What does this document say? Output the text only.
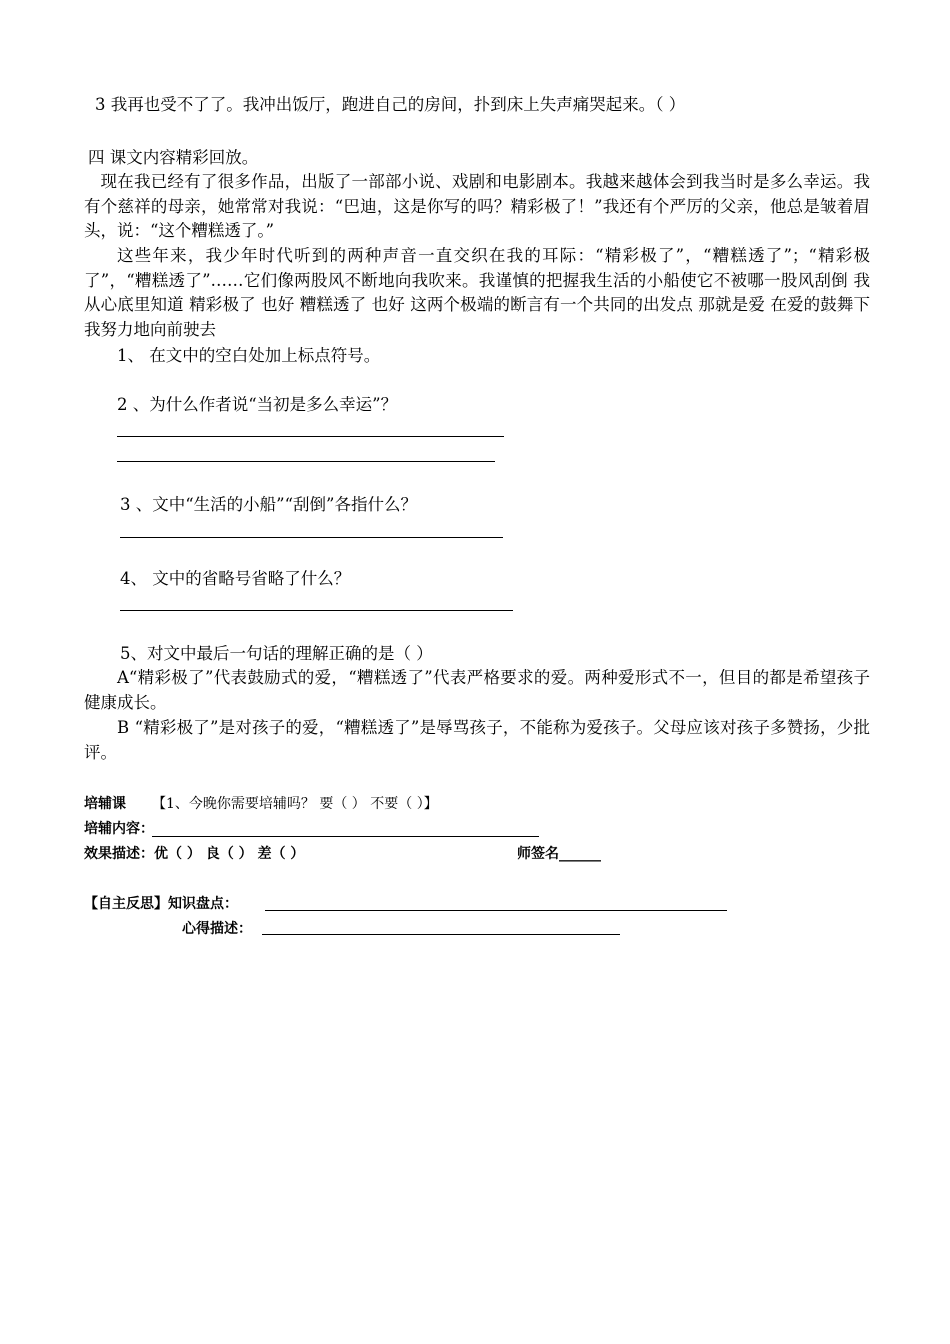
3 我再也受不了了。我冲出饭厅，跑进自己的房间，扑到床上失声痛哭起来。（ ）
四 课文内容精彩回放。
现在我已经有了很多作品，出版了一部部小说、戏剧和电影剧本。我越来越体会到我当时是多么幸运。我有个慈祥的母亲，她常常对我说：“巴迪，这是你写的吗？精彩极了！”我还有个严厉的父亲，他总是皱着眉头，说：“这个糟糕透了。”
这些年来，我少年时代听到的两种声音一直交织在我的耳际：“精彩极了”，“糟糕透了”；“精彩极了”，“糟糕透了”……它们像两股风不断地向我吹来。我谨慎的把握我生活的小船使它不被哪一股风刮倒 我从心底里知道 精彩极了 也好 糟糕透了 也好 这两个极端的断言有一个共同的出发点 那就是爱 在爱的鼓舞下 我努力地向前驶去
1、 在文中的空白处加上标点符号。
2 、为什么作者说“当初是多么幸运”？
3 、文中“生活的小船”“刮倒”各指什么？
4、 文中的省略号省略了什么？
5、对文中最后一句话的理解正确的是（ ）
A“精彩极了”代表鼓励式的爱，“糟糕透了”代表严格要求的爱。两种爱形式不一，但目的都是希望孩子健康成长。
B “精彩极了”是对孩子的爱，“糟糕透了”是辱骂孩子，不能称为爱孩子。父母应该对孩子多赞扬，少批评。
培辅课 【1、今晚你需要培辅吗？ 要（ ） 不要（ ）】
培辅内容：
效果描述：优（ ） 良（ ） 差（ ）	师签名______
【自主反思】知识盘点：
心得描述：
